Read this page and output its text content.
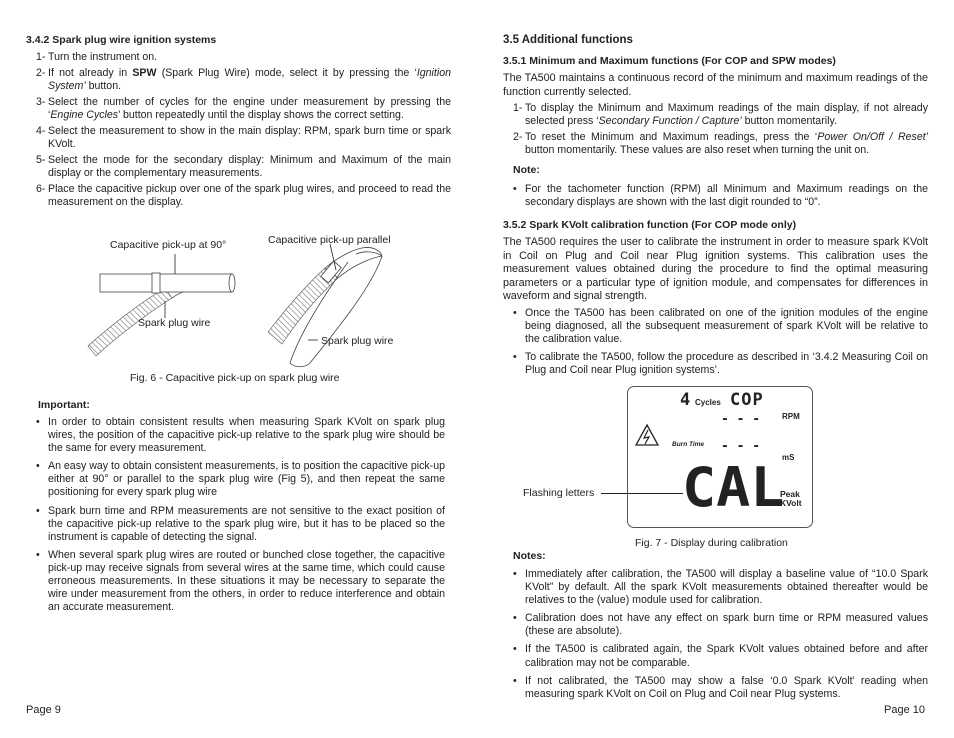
3.4.2 Spark plug wire ignition systems
1- Turn the instrument on.
2- If not already in SPW (Spark Plug Wire) mode, select it by pressing the ‘Ignition System’ button.
3- Select the number of cycles for the engine under measurement by pressing the ‘Engine Cycles’ button repeatedly until the display shows the correct setting.
4- Select the measurement to show in the main display: RPM, spark burn time or spark KVolt.
5- Select the mode for the secondary display: Minimum and Maximum of the main display or the complementary measurements.
6- Place the capacitive pickup over one of the spark plug wires, and proceed to read the measurement on the display.
Capacitive pick-up at 90°	Capacitive pick-up parallel
Spark plug wire
Spark plug wire
Fig. 6 - Capacitive pick-up on spark plug wire
Important:
• In order to obtain consistent results when measuring Spark KVolt on spark plug wires, the position of the capacitive pick-up relative to the spark plug wire should be the same for every measurement.
• An easy way to obtain consistent measurements, is to position the capacitive pick-up either at 90° or parallel to the spark plug wire (Fig 5), and then repeat the same positioning for every spark plug wire
• Spark burn time and RPM measurements are not sensitive to the exact position of the capacitive pick-up relative to the spark plug wire, but it has to be placed so the instrument is capable of detecting the signal.
• When several spark plug wires are routed or bunched close together, the capacitive pick-up may receive signals from several wires at the same time, which could cause erroneous measurements. In these situations it may be necessary to separate the wire under measurement from the others, in order to reduce interference and obtain an accurate measurement.
Page 9
3.5 Additional functions
3.5.1 Minimum and Maximum functions (For COP and SPW modes)
The TA500 maintains a continuous record of the minimum and maximum readings of the function currently selected.
1- To display the Minimum and Maximum readings of the main display, if not already selected press ‘Secondary Function / Capture’ button momentarily.
2- To reset the Minimum and Maximum readings, press the ‘Power On/Off / Reset’ button momentarily. These values are also reset when turning the unit on.
Note:
• For the tachometer function (RPM) all Minimum and Maximum readings on the secondary displays are shown with the last digit rounded to “0”.
3.5.2 Spark KVolt calibration function (For COP mode only)
The TA500 requires the user to calibrate the instrument in order to measure spark KVolt in Coil on Plug and Coil near Plug ignition systems. This calibration uses the measurement values obtained during the procedure to find the optimal measuring parameters or a particular type of ignition module, and compensates for differences in waveform and signal strength.
• Once the TA500 has been calibrated on one of the ignition modules of the engine being diagnosed, all the subsequent measurement of spark KVolt will be relative to the calibration value.
• To calibrate the TA500, follow the procedure as described in ‘3.4.2 Measuring Coil on Plug and Coil near Plug ignition systems’.
4 Cycles COP
RPM
Burn Time
- - -
- - -
mS
CAL
Peak
KVolt
Flashing letters
Fig. 7 - Display during calibration
Notes:
• Immediately after calibration, the TA500 will display a baseline value of “10.0 Spark KVolt” by default. All the spark KVolt measurements obtained thereafter would be relatives to the (value) module used for calibration.
• Calibration does not have any effect on spark burn time or RPM measured values (these are absolute).
• If the TA500 is calibrated again, the Spark KVolt values obtained before and after calibration may not be comparable.
• If not calibrated, the TA500 may show a false ‘0.0 Spark KVolt’ reading when measuring spark KVolt on Coil on Plug and Coil near Plug systems.
Page 10
